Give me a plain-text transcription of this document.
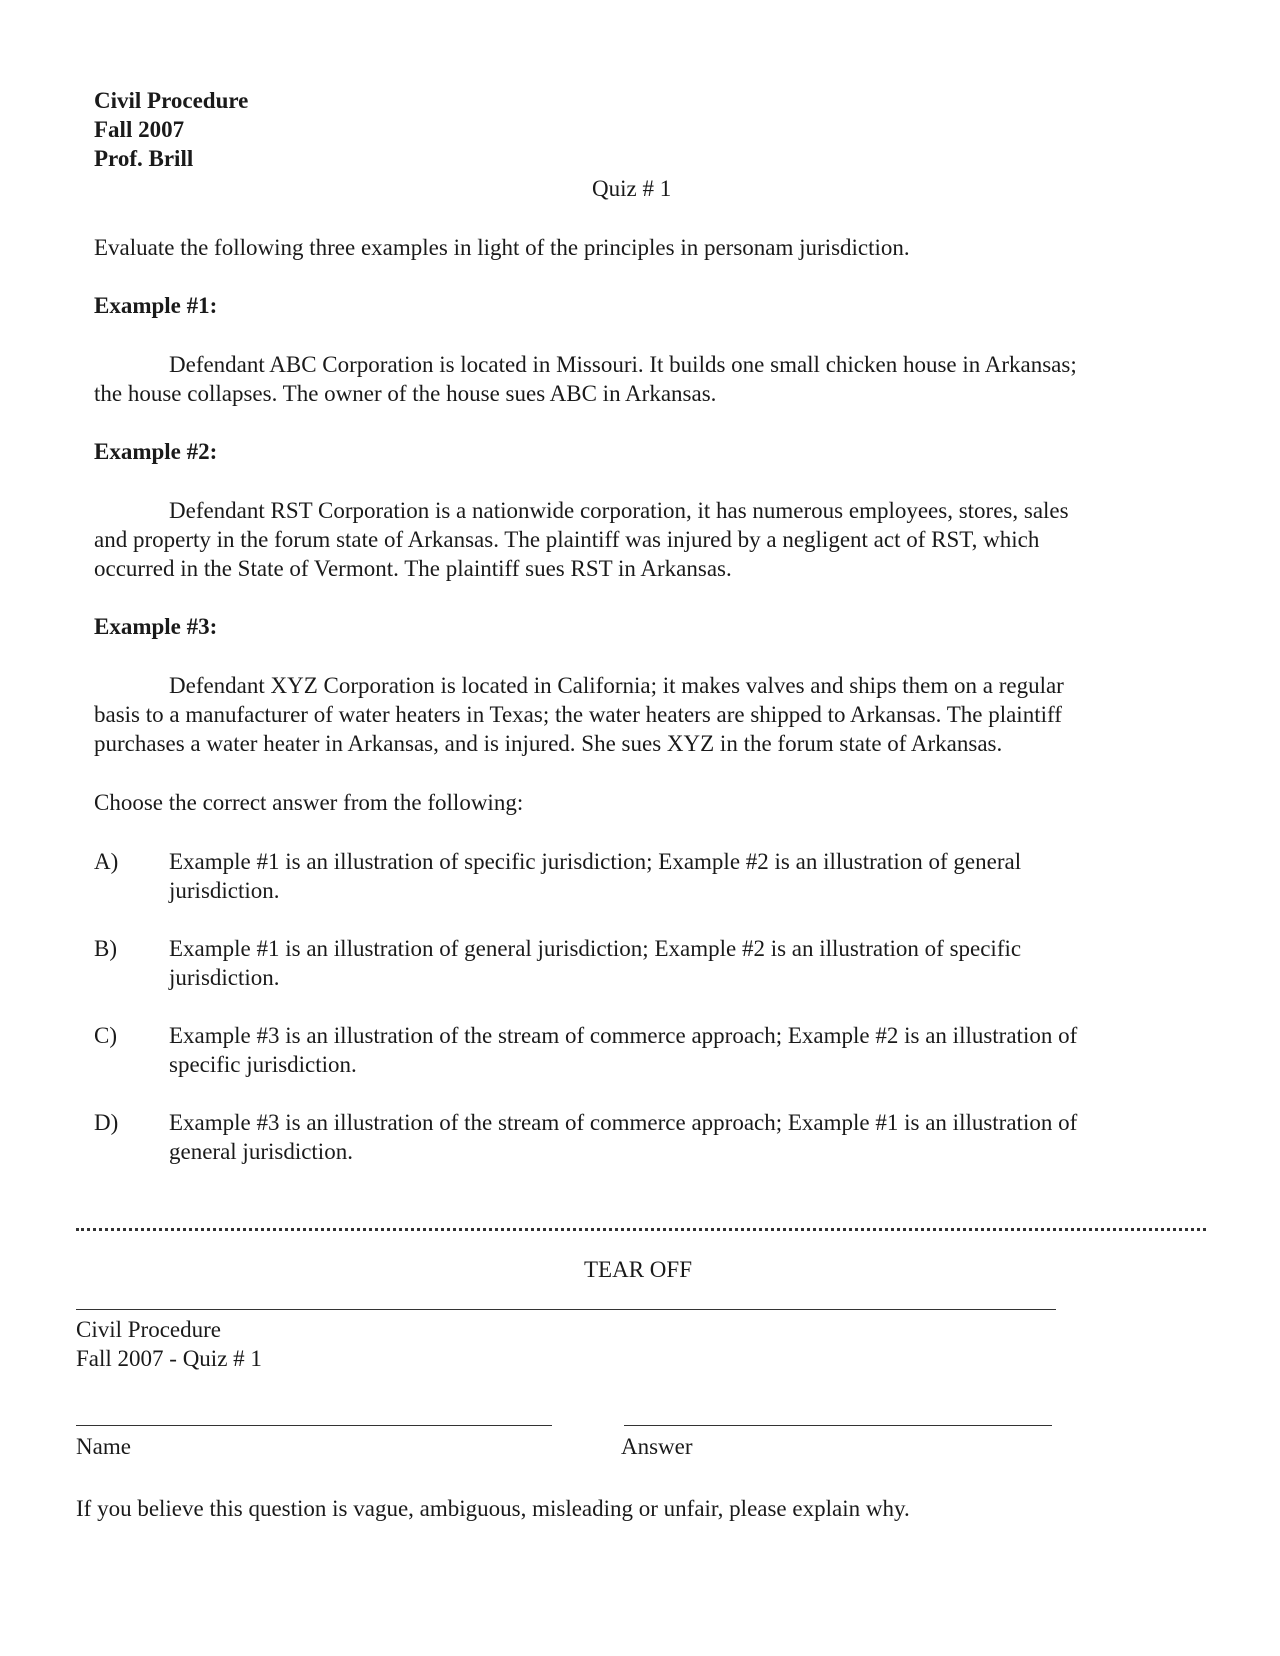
Civil Procedure
Fall 2007
Prof. Brill
Quiz # 1
Evaluate the following three examples in light of the principles in personam jurisdiction.
Example #1:
Defendant ABC Corporation is located in Missouri. It builds one small chicken house in Arkansas;
the house collapses. The owner of the house sues ABC in Arkansas.
Example #2:
Defendant RST Corporation is a nationwide corporation, it has numerous employees, stores, sales
and property in the forum state of Arkansas. The plaintiff was injured by a negligent act of RST, which
occurred in the State of Vermont. The plaintiff sues RST in Arkansas.
Example #3:
Defendant XYZ Corporation is located in California; it makes valves and ships them on a regular
basis to a manufacturer of water heaters in Texas; the water heaters are shipped to Arkansas. The plaintiff
purchases a water heater in Arkansas, and is injured. She sues XYZ in the forum state of Arkansas.
Choose the correct answer from the following:
A) Example #1 is an illustration of specific jurisdiction; Example #2 is an illustration of general
jurisdiction.
B) Example #1 is an illustration of general jurisdiction; Example #2 is an illustration of specific
jurisdiction.
C) Example #3 is an illustration of the stream of commerce approach; Example #2 is an illustration of
specific jurisdiction.
D) Example #3 is an illustration of the stream of commerce approach; Example #1 is an illustration of
general jurisdiction.
TEAR OFF
Civil Procedure
Fall 2007 - Quiz # 1
Name	Answer
If you believe this question is vague, ambiguous, misleading or unfair, please explain why.
